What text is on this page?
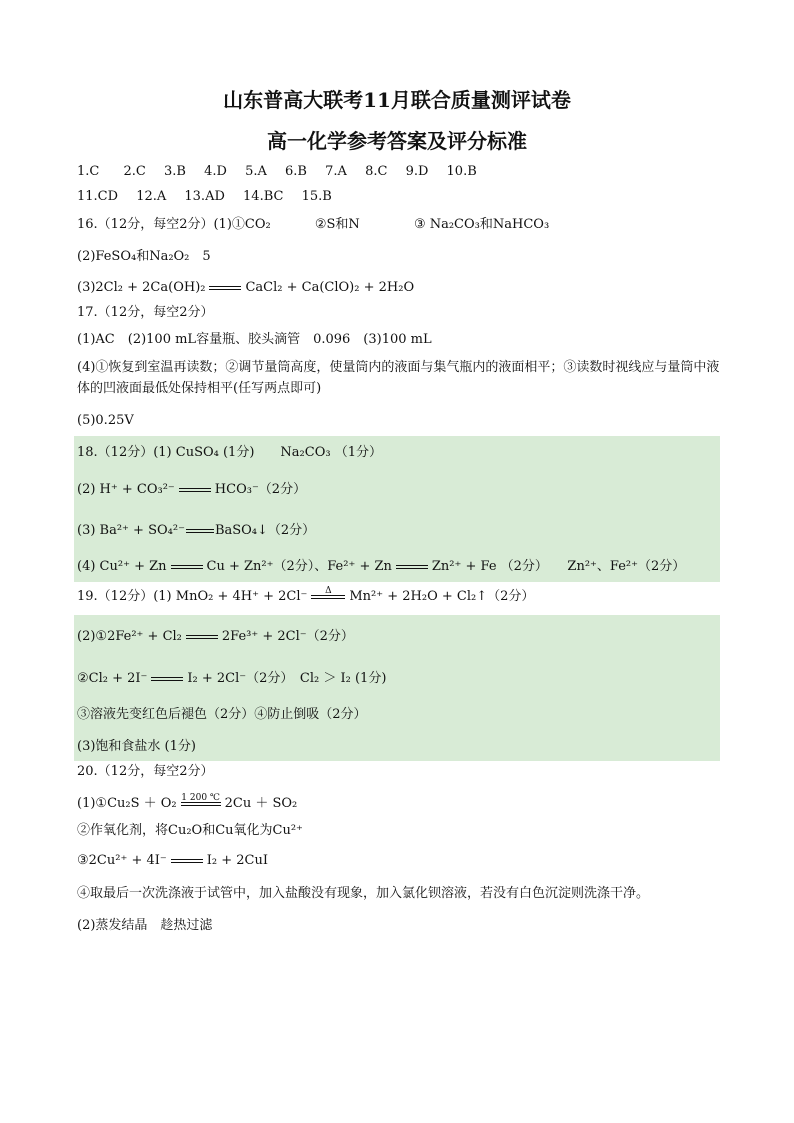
山东普高大联考11月联合质量测评试卷
高一化学参考答案及评分标准
1.C 2.C 3.B 4.D 5.A 6.B 7.A 8.C 9.D 10.B
11.CD 12.A 13.AD 14.BC 15.B
16.（12分，每空2分）(1)①CO₂	②S和N	③ Na₂CO₃和NaHCO₃
(2)FeSO₄和Na₂O₂　5
(3)2Cl₂ + 2Ca(OH)₂	CaCl₂ + Ca(ClO)₂ + 2H₂O
17.（12分，每空2分）
(1)AC　(2)100 mL容量瓶、胶头滴管　0.096　(3)100 mL
(4)①恢复到室温再读数；②调节量筒高度，使量筒内的液面与集气瓶内的液面相平；③读数时视线应与量筒中液体的凹液面最低处保持相平(任写两点即可)
(5)0.25V
18.（12分）(1) CuSO₄ (1分)　　Na₂CO₃ （1分）
(2) H⁺ + CO₃²⁻	HCO₃⁻（2分）
(3) Ba²⁺ + SO₄²⁻ BaSO₄↓（2分）
(4) Cu²⁺ + Zn	Cu + Zn²⁺（2分）、Fe²⁺ + Zn	Zn²⁺ + Fe （2分）　　Zn²⁺、Fe²⁺（2分）
19.（12分）(1) MnO₂ + 4H⁺ + 2Cl⁻	Δ	Mn²⁺ + 2H₂O + Cl₂↑（2分）
(2)①2Fe²⁺ + Cl₂	2Fe³⁺ + 2Cl⁻（2分）
②Cl₂ + 2I⁻	I₂ + 2Cl⁻（2分）　Cl₂ ＞ I₂ (1分)
③溶液先变红色后褪色（2分）④防止倒吸（2分）
(3)饱和食盐水 (1分)
20.（12分，每空2分）
(1)①Cu₂S ＋ O₂ 1 200 ℃ 2Cu ＋ SO₂
②作氧化剂，将Cu₂O和Cu氧化为Cu²⁺
③2Cu²⁺ + 4I⁻	I₂ + 2CuI
④取最后一次洗涤液于试管中，加入盐酸没有现象，加入氯化钡溶液，若没有白色沉淀则洗涤干净。
(2)蒸发结晶　趁热过滤
